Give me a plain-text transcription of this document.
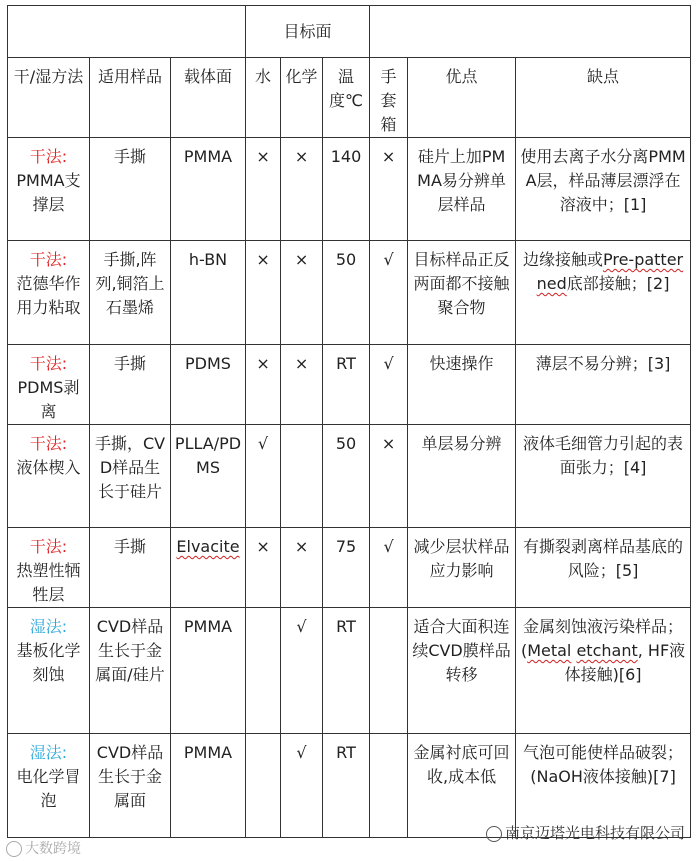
			目标面					
干/湿方法	适用样品	载体面	水	化学	温度℃	手套箱	优点	缺点

干法:
PMMA支撑层	手撕	PMMA	×	×	140	×	硅片上加PMMA易分辨单层样品	使用去离子水分离PMMA层，样品薄层漂浮在溶液中；[1]

干法:
范德华作用力粘取	手撕,阵列,铜箔上石墨烯	h-BN	×	×	50	√	目标样品正反两面都不接触聚合物	边缘接触或Pre-patterned底部接触；[2]

干法:
PDMS剥离	手撕	PDMS	×	×	RT	√	快速操作	薄层不易分辨；[3]

干法:
液体楔入	手撕，CVD样品生长于硅片	PLLA/PDMS	√		50	×	单层易分辨	液体毛细管力引起的表面张力；[4]

干法:
热塑性牺牲层	手撕	Elvacite	×	×	75	√	减少层状样品应力影响	有撕裂剥离样品基底的风险；[5]

湿法:
基板化学刻蚀	CVD样品生长于金属面/硅片	PMMA		√	RT		适合大面积连续CVD膜样品转移	金属刻蚀液污染样品；(Metal etchant, HF液体接触)[6]

湿法:
电化学冒泡	CVD样品生长于金属面	PMMA		√	RT		金属衬底可回收,成本低	气泡可能使样品破裂；(NaOH液体接触)[7]
大数跨境
南京迈塔光电科技有限公司
